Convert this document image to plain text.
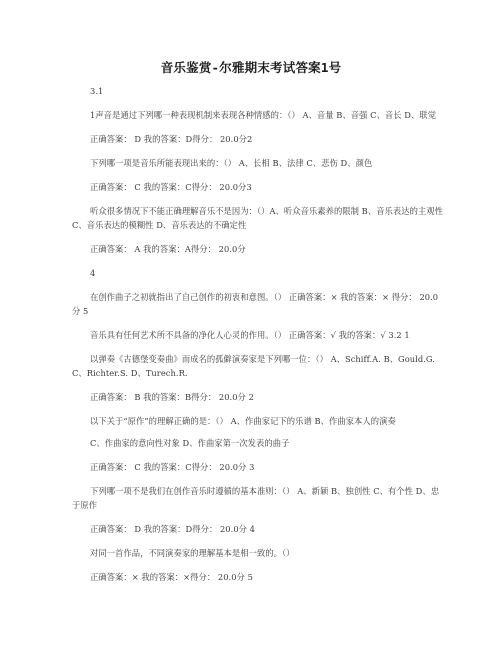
音乐鉴赏-尔雅期末考试答案1号

3.1

1声音是通过下列哪一种表现机制来表现各种情感的：（） A、音量 B、音强 C、音长 D、联觉

正确答案： D 我的答案：D得分： 20.0分2

下列哪一项是音乐所能表现出来的：（） A、长相 B、法律 C、悲伤 D、颜色

正确答案： C 我的答案：C得分： 20.0分3

听众很多情况下不能正确理解音乐不是因为：（）A、听众音乐素养的限制 B、音乐表达的主观性 C、音乐表达的模糊性 D、音乐表达的不确定性

正确答案： A 我的答案：A得分： 20.0分

4

在创作曲子之初就指出了自己创作的初衷和意图。（） 正确答案：× 我的答案：× 得分： 20.0分 5

音乐具有任何艺术所不具备的净化人心灵的作用。（） 正确答案：√ 我的答案：√ 3.2 1

以弹奏《古德堡变奏曲》而成名的孤僻演奏家是下列哪一位：（） A、Schiff.A. B、Gould.G. C、Richter.S. D、Turech.R.

正确答案： B 我的答案：B得分： 20.0分 2

以下关于“原作”的理解正确的是：（） A、作曲家记下的乐谱 B、作曲家本人的演奏

C、作曲家的意向性对象 D、作曲家第一次发表的曲子

正确答案： C 我的答案：C得分： 20.0分 3

下列哪一项不是我们在创作音乐时遵循的基本准则：（） A、新颖 B、独创性 C、有个性 D、忠于原作

正确答案： D 我的答案：D得分： 20.0分 4

对同一首作品，不同演奏家的理解基本是相一致的。（）

正确答案：× 我的答案：×得分： 20.0分 5
